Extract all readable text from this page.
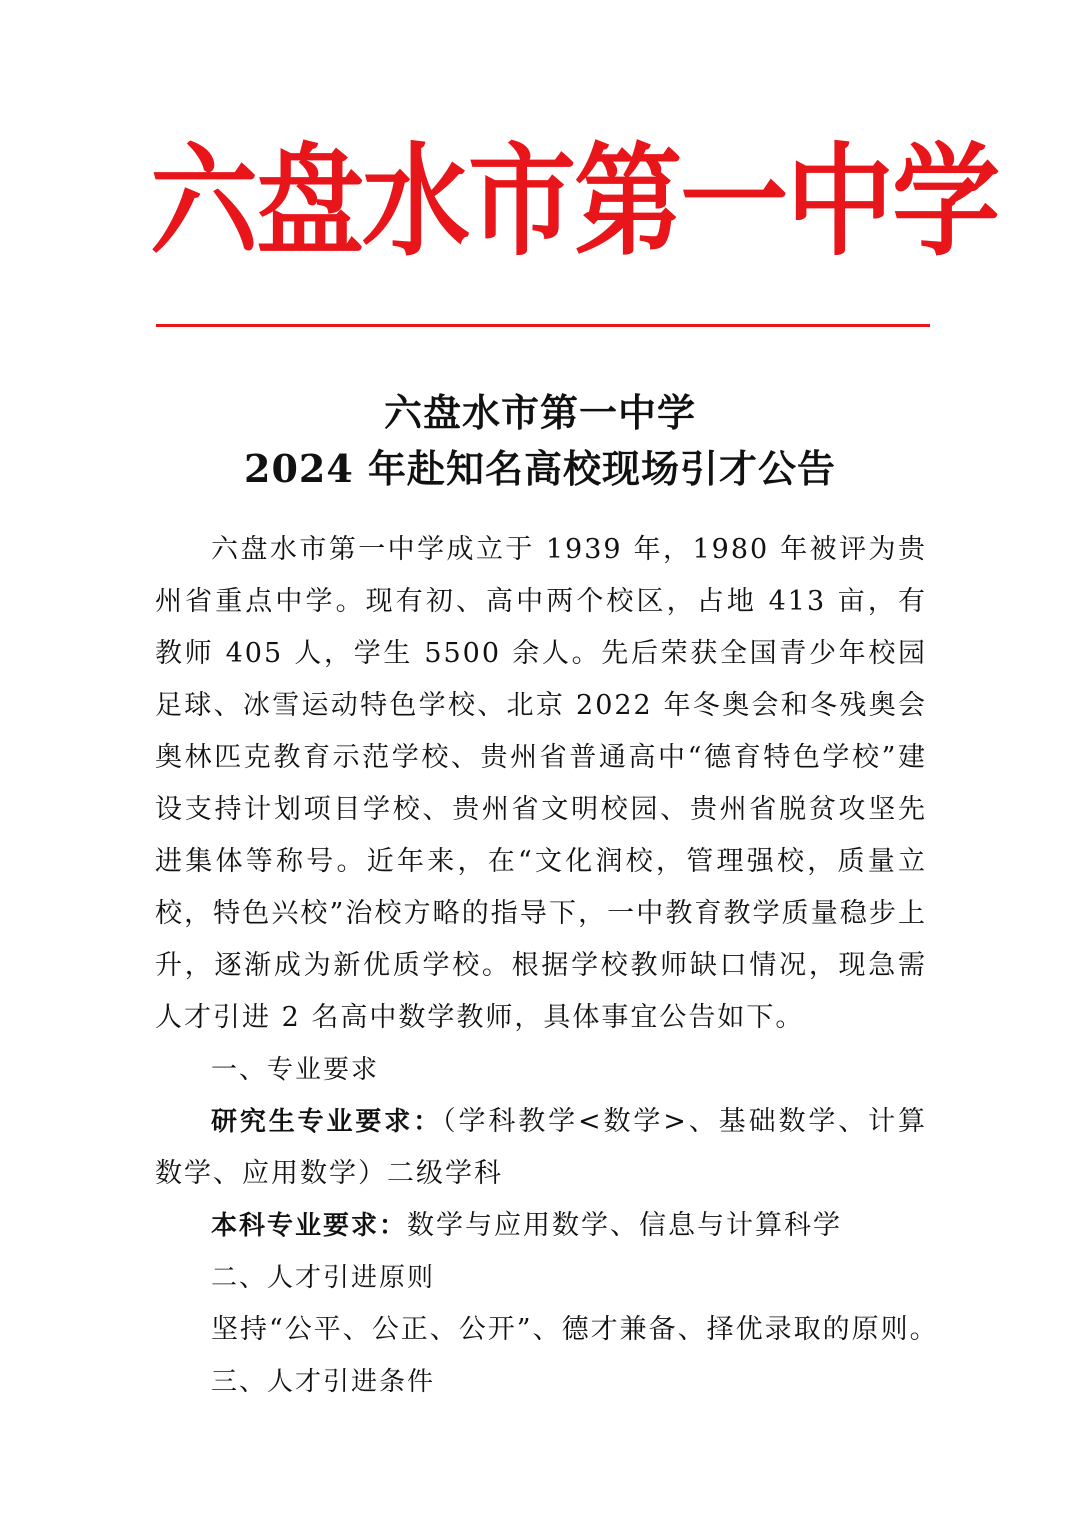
六 盘 水 市 第 一 中 学
六盘水市第一中学
2024 年赴知名高校现场引才公告

六盘水市第一中学成立于 1939 年，1980 年被评为贵州省重点中学。现有初、高中两个校区，占地 413 亩，有教师 405 人，学生 5500 余人。先后荣获全国青少年校园足球、冰雪运动特色学校、北京 2022 年冬奥会和冬残奥会奥林匹克教育示范学校、贵州省普通高中“德育特色学校”建设支持计划项目学校、贵州省文明校园、贵州省脱贫攻坚先进集体等称号。近年来，在“文化润校，管理强校，质量立校，特色兴校”治校方略的指导下，一中教育教学质量稳步上升，逐渐成为新优质学校。根据学校教师缺口情况，现急需人才引进 2 名高中数学教师，具体事宜公告如下。

一、专业要求

研究生专业要求：（学科教学<数学>、基础数学、计算数学、应用数学）二级学科

本科专业要求：数学与应用数学、信息与计算科学

二、人才引进原则

坚持“公平、公正、公开”、德才兼备、择优录取的原则。

三、人才引进条件
